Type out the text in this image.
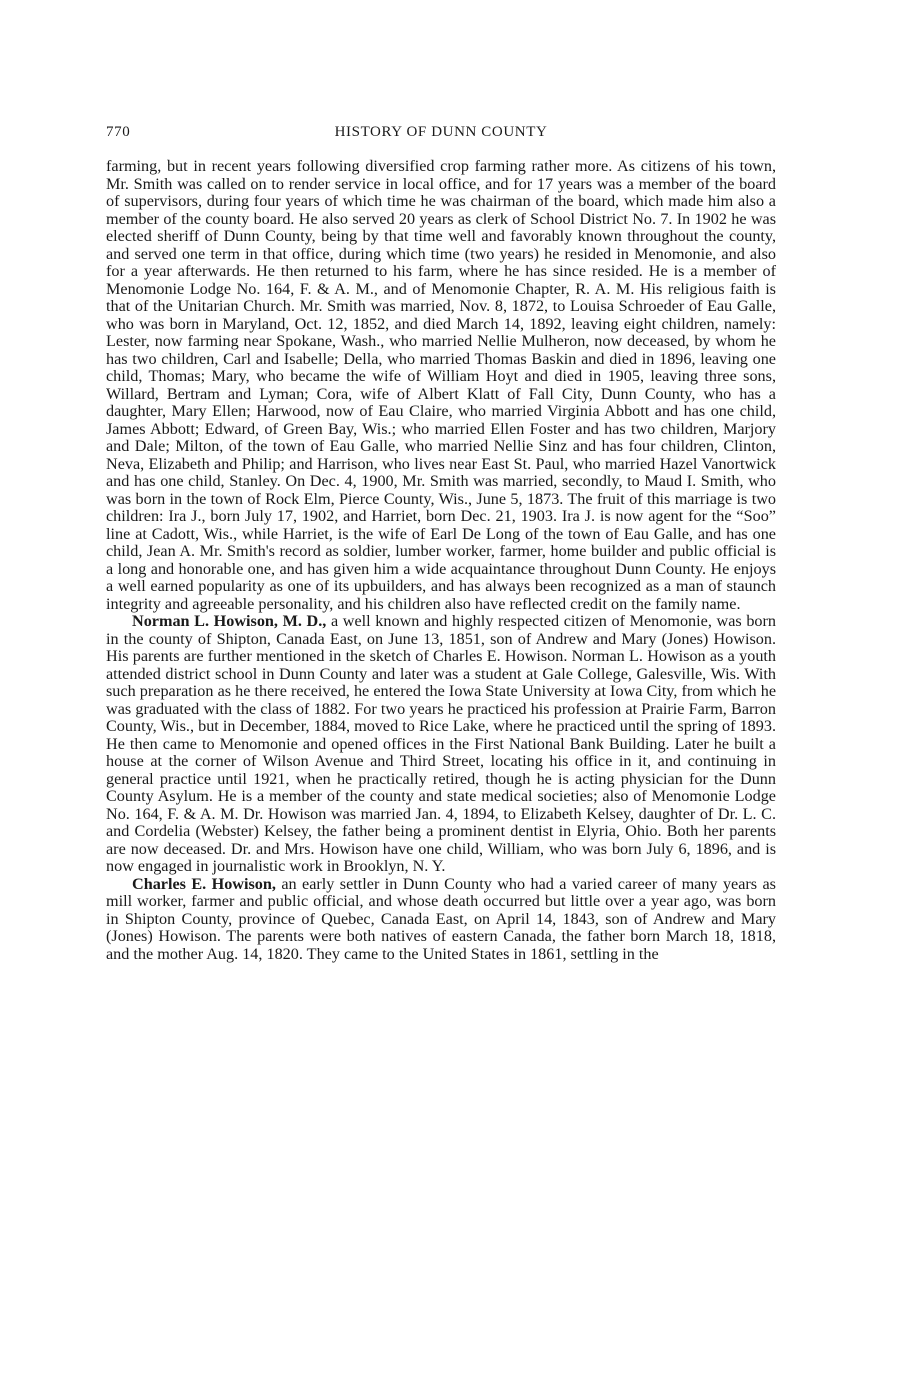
770	HISTORY OF DUNN COUNTY

farming, but in recent years following diversified crop farming rather more. As citizens of his town, Mr. Smith was called on to render service in local office, and for 17 years was a member of the board of supervisors, during four years of which time he was chairman of the board, which made him also a member of the county board. He also served 20 years as clerk of School District No. 7. In 1902 he was elected sheriff of Dunn County, being by that time well and favorably known throughout the county, and served one term in that office, during which time (two years) he resided in Menomonie, and also for a year afterwards. He then returned to his farm, where he has since resided. He is a member of Menomonie Lodge No. 164, F. & A. M., and of Menomonie Chapter, R. A. M. His religious faith is that of the Unitarian Church. Mr. Smith was married, Nov. 8, 1872, to Louisa Schroeder of Eau Galle, who was born in Maryland, Oct. 12, 1852, and died March 14, 1892, leaving eight children, namely: Lester, now farming near Spokane, Wash., who married Nellie Mulheron, now deceased, by whom he has two children, Carl and Isabelle; Della, who married Thomas Baskin and died in 1896, leaving one child, Thomas; Mary, who became the wife of William Hoyt and died in 1905, leaving three sons, Willard, Bertram and Lyman; Cora, wife of Albert Klatt of Fall City, Dunn County, who has a daughter, Mary Ellen; Harwood, now of Eau Claire, who married Virginia Abbott and has one child, James Abbott; Edward, of Green Bay, Wis.; who married Ellen Foster and has two children, Marjory and Dale; Milton, of the town of Eau Galle, who married Nellie Sinz and has four children, Clinton, Neva, Elizabeth and Philip; and Harrison, who lives near East St. Paul, who married Hazel Vanortwick and has one child, Stanley. On Dec. 4, 1900, Mr. Smith was married, secondly, to Maud I. Smith, who was born in the town of Rock Elm, Pierce County, Wis., June 5, 1873. The fruit of this marriage is two children: Ira J., born July 17, 1902, and Harriet, born Dec. 21, 1903. Ira J. is now agent for the “Soo” line at Cadott, Wis., while Harriet, is the wife of Earl De Long of the town of Eau Galle, and has one child, Jean A. Mr. Smith's record as soldier, lumber worker, farmer, home builder and public official is a long and honorable one, and has given him a wide acquaintance throughout Dunn County. He enjoys a well earned popularity as one of its upbuilders, and has always been recognized as a man of staunch integrity and agreeable personality, and his children also have reflected credit on the family name.

Norman L. Howison, M. D., a well known and highly respected citizen of Menomonie, was born in the county of Shipton, Canada East, on June 13, 1851, son of Andrew and Mary (Jones) Howison. His parents are further mentioned in the sketch of Charles E. Howison. Norman L. Howison as a youth attended district school in Dunn County and later was a student at Gale College, Galesville, Wis. With such preparation as he there received, he entered the Iowa State University at Iowa City, from which he was graduated with the class of 1882. For two years he practiced his profession at Prairie Farm, Barron County, Wis., but in December, 1884, moved to Rice Lake, where he practiced until the spring of 1893. He then came to Menomonie and opened offices in the First National Bank Building. Later he built a house at the corner of Wilson Avenue and Third Street, locating his office in it, and continuing in general practice until 1921, when he practically retired, though he is acting physician for the Dunn County Asylum. He is a member of the county and state medical societies; also of Menomonie Lodge No. 164, F. & A. M. Dr. Howison was married Jan. 4, 1894, to Elizabeth Kelsey, daughter of Dr. L. C. and Cordelia (Webster) Kelsey, the father being a prominent dentist in Elyria, Ohio. Both her parents are now deceased. Dr. and Mrs. Howison have one child, William, who was born July 6, 1896, and is now engaged in journalistic work in Brooklyn, N. Y.

Charles E. Howison, an early settler in Dunn County who had a varied career of many years as mill worker, farmer and public official, and whose death occurred but little over a year ago, was born in Shipton County, province of Quebec, Canada East, on April 14, 1843, son of Andrew and Mary (Jones) Howison. The parents were both natives of eastern Canada, the father born March 18, 1818, and the mother Aug. 14, 1820. They came to the United States in 1861, settling in the
